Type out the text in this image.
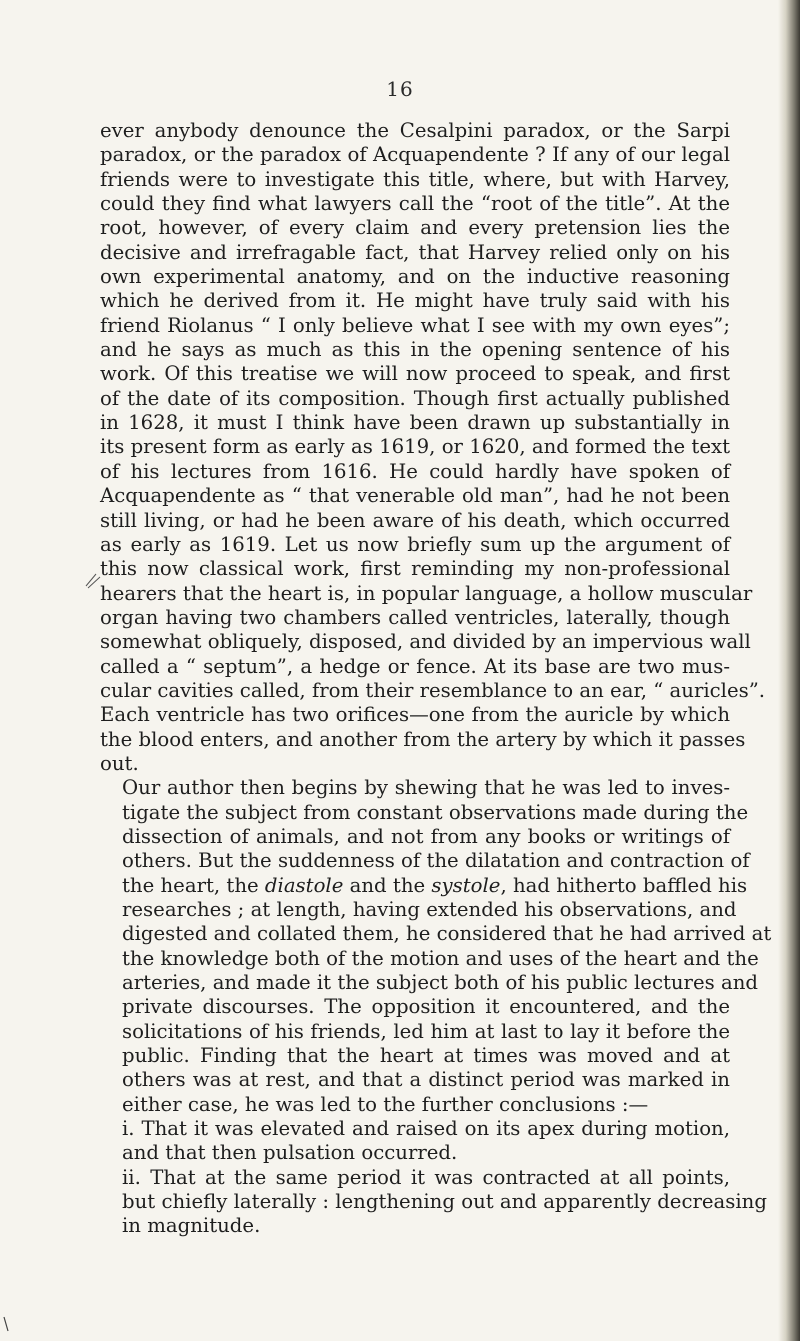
16

ever anybody denounce the Cesalpini paradox, or the Sarpi
paradox, or the paradox of Acquapendente ? If any of our legal
friends were to investigate this title, where, but with Harvey,
could they find what lawyers call the “root of the title”. At the
root, however, of every claim and every pretension lies the
decisive and irrefragable fact, that Harvey relied only on his
own experimental anatomy, and on the inductive reasoning
which he derived from it. He might have truly said with his
friend Riolanus “ I only believe what I see with my own eyes”;
and he says as much as this in the opening sentence of his
work. Of this treatise we will now proceed to speak, and first
of the date of its composition. Though first actually published
in 1628, it must I think have been drawn up substantially in
its present form as early as 1619, or 1620, and formed the text
of his lectures from 1616. He could hardly have spoken of
Acquapendente as “ that venerable old man”, had he not been
still living, or had he been aware of his death, which occurred
as early as 1619. Let us now briefly sum up the argument of
this now classical work, first reminding my non-professional
hearers that the heart is, in popular language, a hollow muscular
organ having two chambers called ventricles, laterally, though
somewhat obliquely, disposed, and divided by an impervious wall
called a “ septum”, a hedge or fence. At its base are two mus-
cular cavities called, from their resemblance to an ear, “ auricles”.
Each ventricle has two orifices—one from the auricle by which
the blood enters, and another from the artery by which it passes
out.

Our author then begins by shewing that he was led to inves-
tigate the subject from constant observations made during the
dissection of animals, and not from any books or writings of
others. But the suddenness of the dilatation and contraction of
the heart, the diastole and the systole, had hitherto baffled his
researches ; at length, having extended his observations, and
digested and collated them, he considered that he had arrived at
the knowledge both of the motion and uses of the heart and the
arteries, and made it the subject both of his public lectures and
private discourses. The opposition it encountered, and the
solicitations of his friends, led him at last to lay it before the
public. Finding that the heart at times was moved and at
others was at rest, and that a distinct period was marked in
either case, he was led to the further conclusions :—

i. That it was elevated and raised on its apex during motion,
and that then pulsation occurred.

ii. That at the same period it was contracted at all points,
but chiefly laterally : lengthening out and apparently decreasing
in magnitude.
